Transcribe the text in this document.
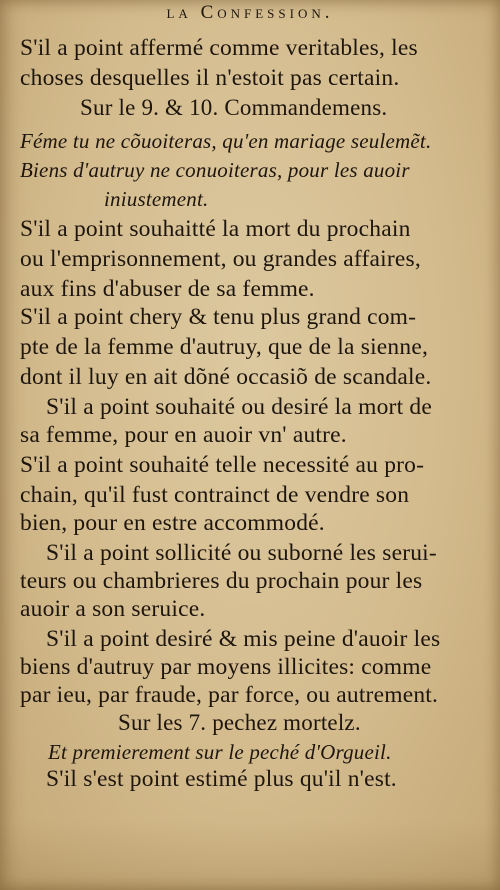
la Confession.
S'il a point affermé comme veritables, les
choses desquelles il n'estoit pas certain.
Sur le 9. & 10. Commandemens.
Féme tu ne cõuoiteras, qu'en mariage seulemẽt.
Biens d'autruy ne conuoiteras, pour les auoir
iniustement.
S'il a point souhaitté la mort du prochain
ou l'emprisonnement, ou grandes affaires,
aux fins d'abuser de sa femme.
S'il a point chery & tenu plus grand com-
pte de la femme d'autruy, que de la sienne,
dont il luy en ait dõné occasiõ de scandale.
S'il a point souhaité ou desiré la mort de
sa femme, pour en auoir vn' autre.
S'il a point souhaité telle necessité au pro-
chain, qu'il fust contrainct de vendre son
bien, pour en estre accommodé.
S'il a point sollicité ou suborné les serui-
teurs ou chambrieres du prochain pour les
auoir a son seruice.
S'il a point desiré & mis peine d'auoir les
biens d'autruy par moyens illicites: comme
par ieu, par fraude, par force, ou autrement.
Sur les 7. pechez mortelz.
Et premierement sur le peché d'Orgueil.
S'il s'est point estimé plus qu'il n'est.
